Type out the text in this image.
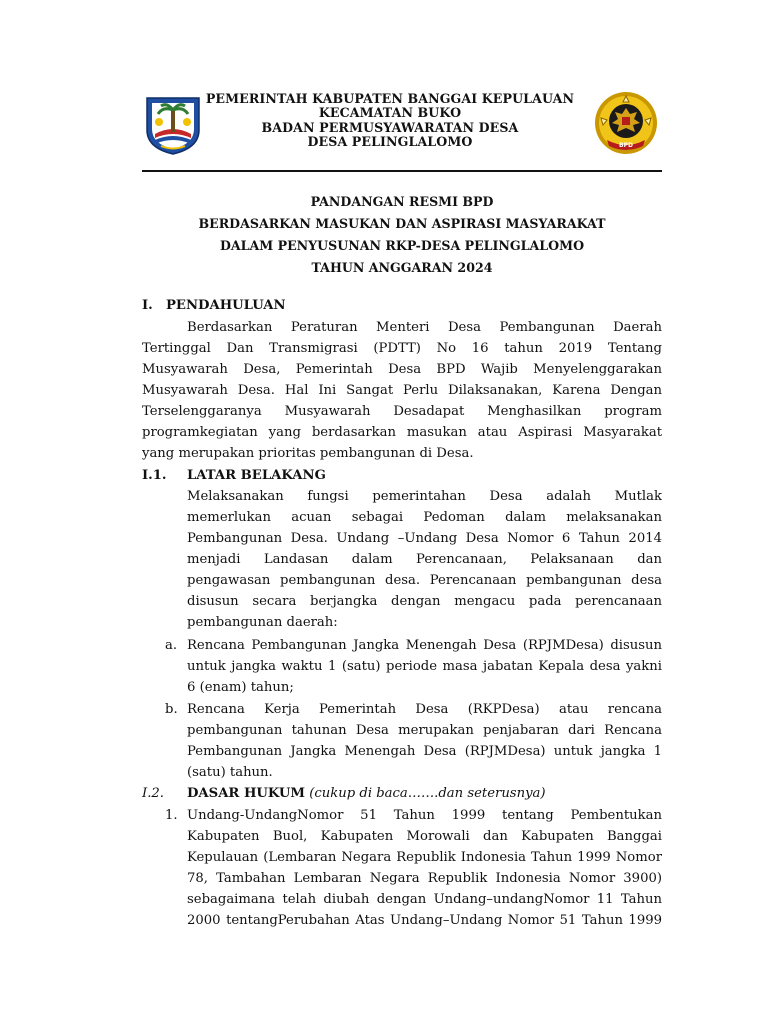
PEMERINTAH KABUPATEN BANGGAI KEPULAUAN
KECAMATAN BUKO
BADAN PERMUSYAWARATAN DESA
DESA PELINGLALOMO	BPD
PANDANGAN RESMI BPD
BERDASARKAN MASUKAN DAN ASPIRASI MASYARAKAT
DALAM PENYUSUNAN RKP-DESA PELINGLALOMO
TAHUN ANGGARAN 2024
I. PENDAHULUAN
Berdasarkan Peraturan Menteri Desa Pembangunan Daerah
Tertinggal Dan Transmigrasi (PDTT) No 16 tahun 2019 Tentang
Musyawarah Desa, Pemerintah Desa BPD Wajib Menyelenggarakan
Musyawarah Desa. Hal Ini Sangat Perlu Dilaksanakan, Karena Dengan
Terselenggaranya Musyawarah Desadapat Menghasilkan program
programkegiatan yang berdasarkan masukan atau Aspirasi Masyarakat
yang merupakan prioritas pembangunan di Desa.
I.1. LATAR BELAKANG
Melaksanakan fungsi pemerintahan Desa adalah Mutlak
memerlukan acuan sebagai Pedoman dalam melaksanakan
Pembangunan Desa. Undang –Undang Desa Nomor 6 Tahun 2014
menjadi Landasan dalam Perencanaan, Pelaksanaan dan
pengawasan pembangunan desa. Perencanaan pembangunan desa
disusun secara berjangka dengan mengacu pada perencanaan
pembangunan daerah:
a. Rencana Pembangunan Jangka Menengah Desa (RPJMDesa) disusun
untuk jangka waktu 1 (satu) periode masa jabatan Kepala desa yakni
6 (enam) tahun;
b. Rencana Kerja Pemerintah Desa (RKPDesa) atau rencana
pembangunan tahunan Desa merupakan penjabaran dari Rencana
Pembangunan Jangka Menengah Desa (RPJMDesa) untuk jangka 1
(satu) tahun.
I.2. DASAR HUKUM (cukup di baca…….dan seterusnya)
1. Undang-UndangNomor 51 Tahun 1999 tentang Pembentukan
Kabupaten Buol, Kabupaten Morowali dan Kabupaten Banggai
Kepulauan (Lembaran Negara Republik Indonesia Tahun 1999 Nomor
78, Tambahan Lembaran Negara Republik Indonesia Nomor 3900)
sebagaimana telah diubah dengan Undang–undangNomor 11 Tahun
2000 tentangPerubahan Atas Undang–Undang Nomor 51 Tahun 1999
